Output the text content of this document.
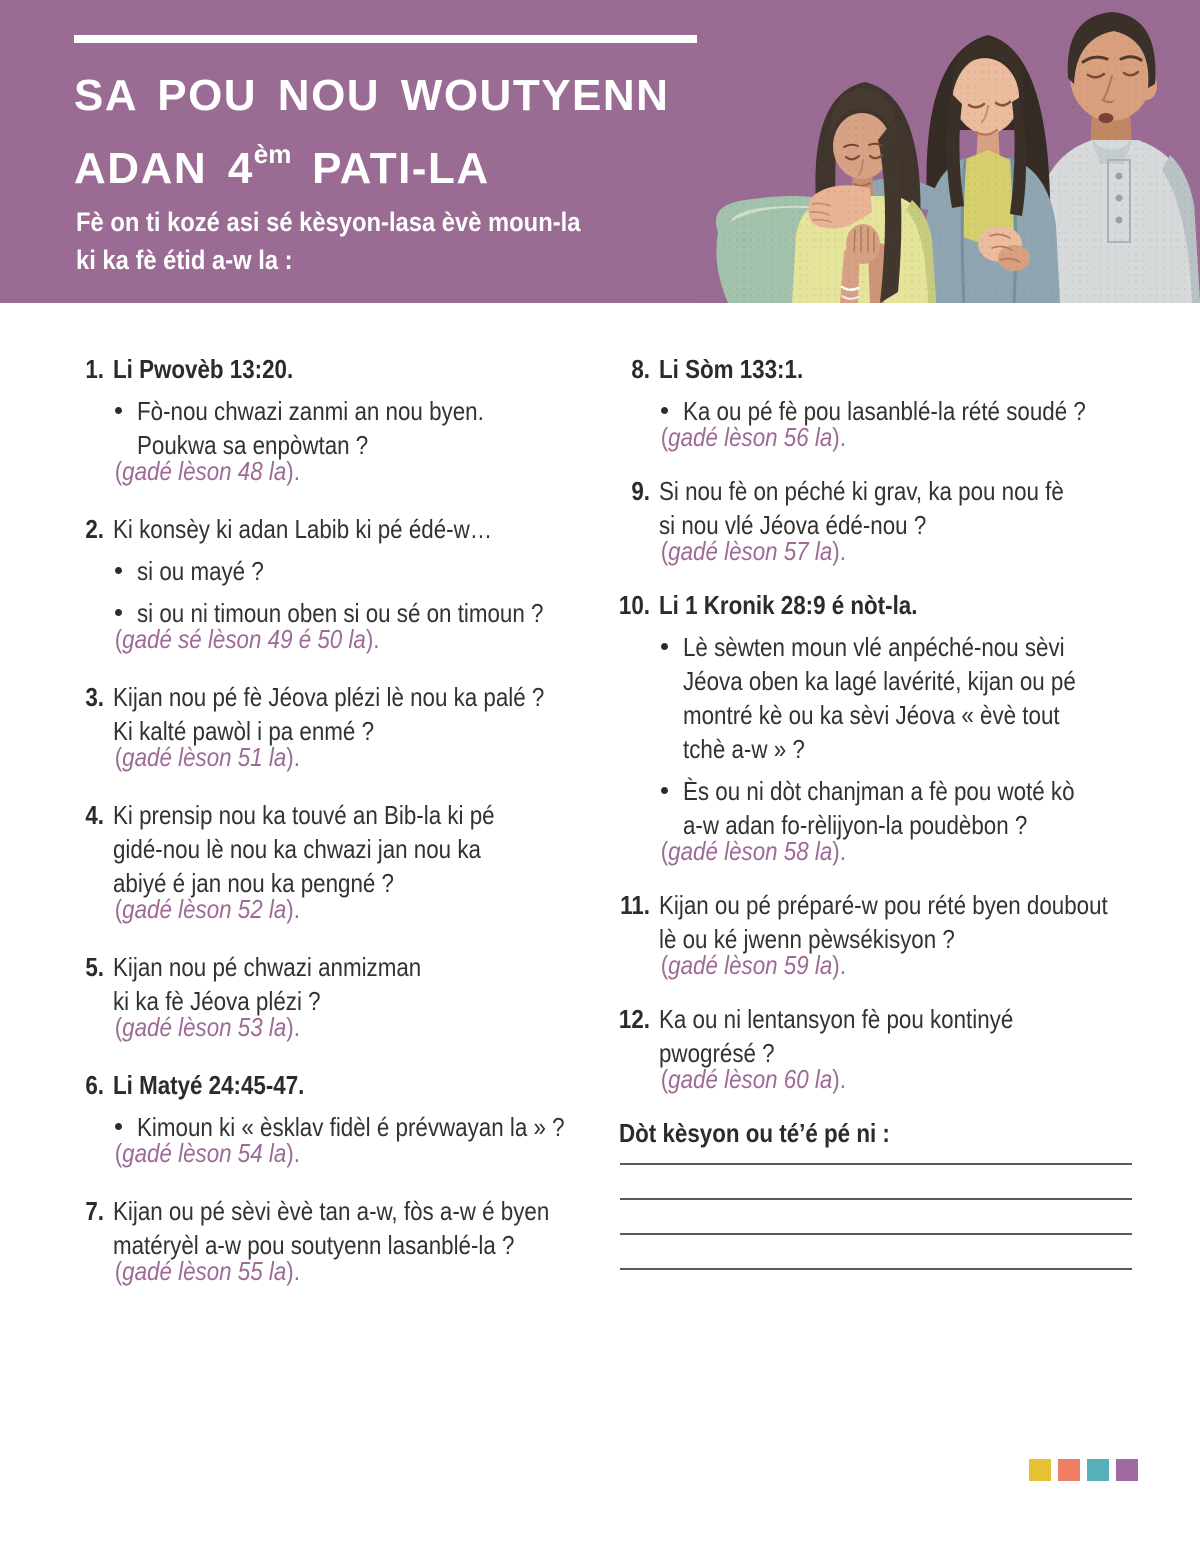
SA POU NOU WOUTYENN
ADAN $4^{èm}$ PATI-LA

Fè on ti kozé asi sé kèsyon-lasa èvè moun-la
ki ka fè étid a-w la :

1. Li Pwovèb 13:20.
Fò-nou chwazi zanmi an nou byen.
Poukwa sa enpòwtan ?
(gadé lèson 48 la).
2. Ki konsèy ki adan Labib ki pé édé-w…
si ou mayé ?
si ou ni timoun oben si ou sé on timoun ?
(gadé sé lèson 49 é 50 la).
3. Kijan nou pé fè Jéova plézi lè nou ka palé ?
Ki kalté pawòl i pa enmé ?
(gadé lèson 51 la).
4. Ki prensip nou ka touvé an Bib-la ki pé
gidé-nou lè nou ka chwazi jan nou ka
abiyé é jan nou ka pengné ?
(gadé lèson 52 la).
5. Kijan nou pé chwazi anmizman
ki ka fè Jéova plézi ?
(gadé lèson 53 la).
6. Li Matyé 24:45-47.
Kimoun ki « èsklav fidèl é prévwayan la » ?
(gadé lèson 54 la).
7. Kijan ou pé sèvi èvè tan a-w, fòs a-w é byen
matéryèl a-w pou soutyenn lasanblé-la ?
(gadé lèson 55 la).
8. Li Sòm 133:1.
Ka ou pé fè pou lasanblé-la rété soudé ?
(gadé lèson 56 la).
9. Si nou fè on péché ki grav, ka pou nou fè
si nou vlé Jéova édé-nou ?
(gadé lèson 57 la).
10. Li 1 Kronik 28:9 é nòt-la.
Lè sèwten moun vlé anpéché-nou sèvi
Jéova oben ka lagé lavérité, kijan ou pé
montré kè ou ka sèvi Jéova « èvè tout
tchè a-w » ?
Ès ou ni dòt chanjman a fè pou woté kò
a-w adan fo-rèlijyon-la poudèbon ?
(gadé lèson 58 la).
11. Kijan ou pé préparé-w pou rété byen doubout
lè ou ké jwenn pèwsékisyon ?
(gadé lèson 59 la).
12. Ka ou ni lentansyon fè pou kontinyé
pwogrésé ?
(gadé lèson 60 la).
Dòt kèsyon ou té’é pé ni :
